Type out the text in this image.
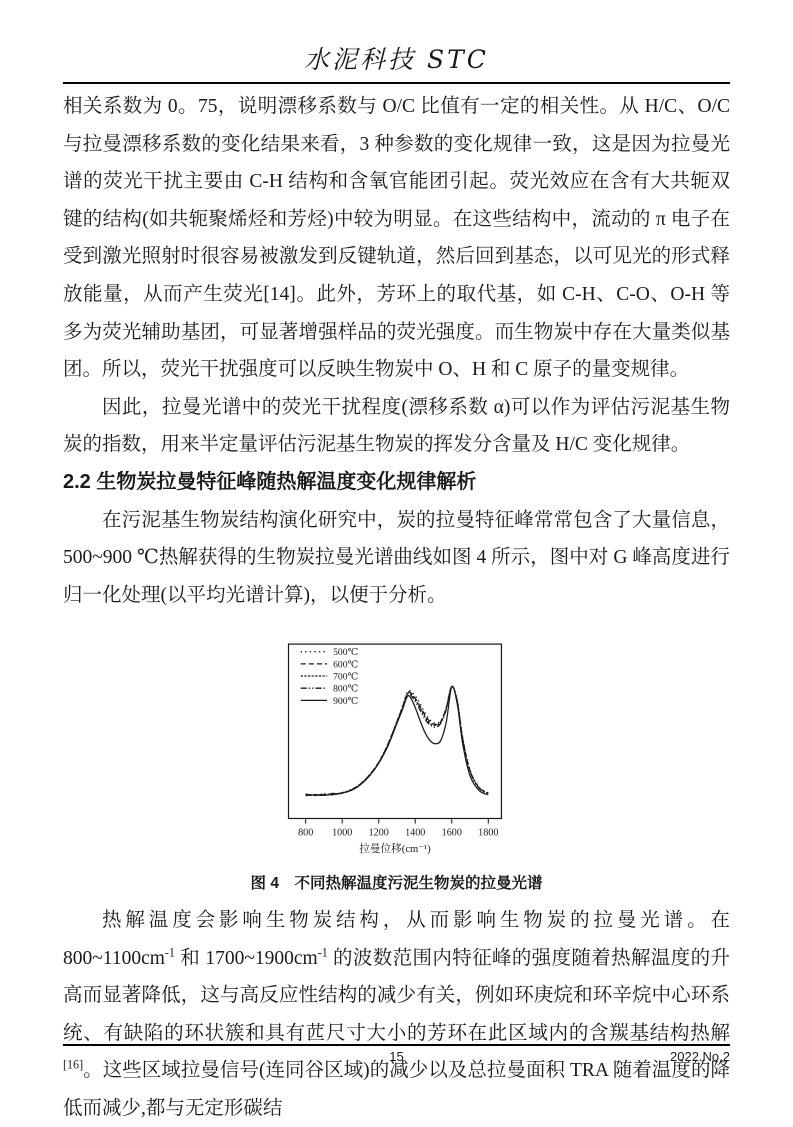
水泥科技 STC

相关系数为 0。75，说明漂移系数与 O/C 比值有一定的相关性。从 H/C、O/C 与拉曼漂移系数的变化结果来看，3 种参数的变化规律一致，这是因为拉曼光谱的荧光干扰主要由 C-H 结构和含氧官能团引起。荧光效应在含有大共轭双键的结构(如共轭聚烯烃和芳烃)中较为明显。在这些结构中，流动的 π 电子在受到激光照射时很容易被激发到反键轨道，然后回到基态，以可见光的形式释放能量，从而产生荧光[14]。此外，芳环上的取代基，如 C-H、C-O、O-H 等多为荧光辅助基团，可显著增强样品的荧光强度。而生物炭中存在大量类似基团。所以，荧光干扰强度可以反映生物炭中 O、H 和 C 原子的量变规律。

因此，拉曼光谱中的荧光干扰程度(漂移系数 α)可以作为评估污泥基生物炭的指数，用来半定量评估污泥基生物炭的挥发分含量及 H/C 变化规律。

2.2 生物炭拉曼特征峰随热解温度变化规律解析

在污泥基生物炭结构演化研究中，炭的拉曼特征峰常常包含了大量信息，500~900 ℃热解获得的生物炭拉曼光谱曲线如图 4 所示，图中对 G 峰高度进行归一化处理(以平均光谱计算)，以便于分析。

500℃
600℃
700℃
800℃
900℃
800 1000 1200 1400 1600 1800
拉曼位移(cm⁻¹)
图 4　不同热解温度污泥生物炭的拉曼光谱

热解温度会影响生物炭结构，从而影响生物炭的拉曼光谱。在 $800\sim 1100cm^{-1}$ 和 $1700\sim 1900cm^{-1}$ 的波数范围内特征峰的强度随着热解温度的升高而显著降低，这与高反应性结构的减少有关，例如环庚烷和环辛烷中心环系统、有缺陷的环状簇和具有苉尺寸大小的芳环在此区域内的含羰基结构热解[16]。这些区域拉曼信号(连同谷区域)的减少以及总拉曼面积 TRA 随着温度的降低而减少,都与无定形碳结

15	2022.No.2
